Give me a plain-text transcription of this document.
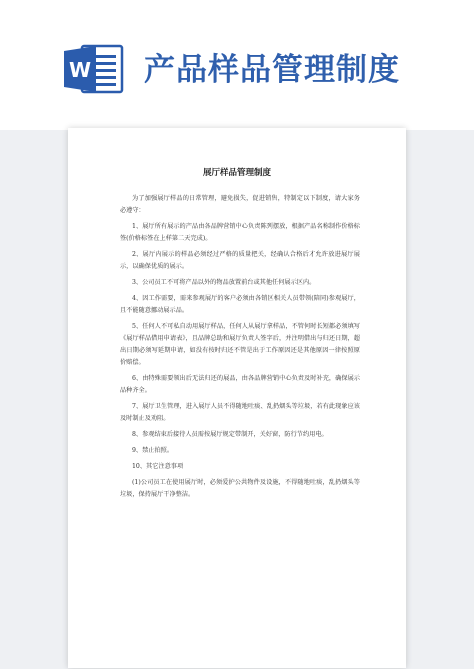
W 产品样品管理制度
展厅样品管理制度

为了加强展厅样品的日常管理，避免损失，促进销售，特制定以下制度，请大家务必遵守：

1、展厅所有展示的产品由各品牌营销中心负责陈列摆放，根据产品名称制作价格标签(价格标签在上样第二天完成)。

2、展厅内展示的样品必须经过严格的质量把关，经确认合格后才允许放进展厅展示，以确保优质的展示。

3、公司员工不可将产品以外的物品放置前台或其他任何展示区内。

4、因工作需要，需来参观展厅的客户必须由各销区相关人员带领(陪同)参观展厅，且不能随意挪动展示品。

5、任何人不可私自动用展厅样品，任何人从展厅拿样品，不管何时长短都必须填写《展厅样品借用申请表》，且品牌总助和展厅负责人签字后，并注明借出与归还日期，超出日期必须写延期申请，如没有按时归还不管是出于工作原因还是其他原因一律按照原价赔偿。

6、由特殊需要领出后无法归还的展品，由各品牌营销中心负责及时补充，确保展示品种齐全。

7、展厅卫生管理，进入展厅人员不得随地吐痰、乱扔烟头等垃圾，若有此现象应该及时制止及劝阻。

8、参观结束后接待人员需按展厅规定带制开，关好窗，防行节约用电。

9、禁止拍照。

10、其它注意事项

(1)公司员工在使用展厅时，必须爱护公共物件及设施，不得随地吐痰，乱扔烟头等垃圾，保持展厅干净整洁。
